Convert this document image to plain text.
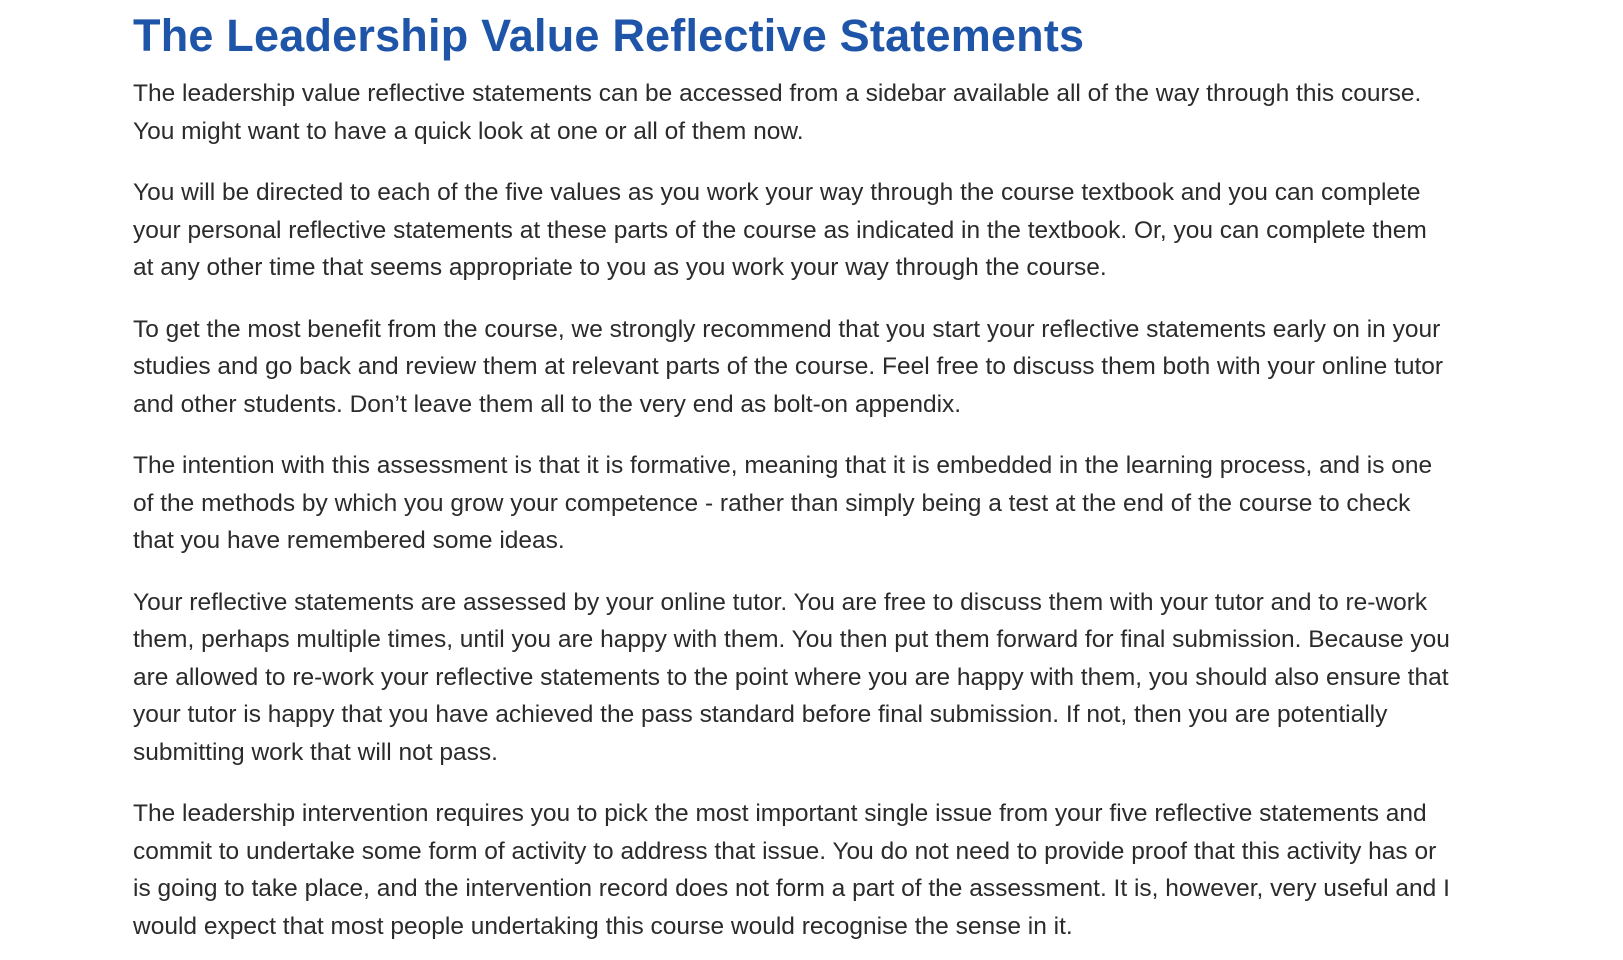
The Leadership Value Reflective Statements

The leadership value reflective statements can be accessed from a sidebar available all of the way through this course. You might want to have a quick look at one or all of them now.

You will be directed to each of the five values as you work your way through the course textbook and you can complete your personal reflective statements at these parts of the course as indicated in the textbook. Or, you can complete them at any other time that seems appropriate to you as you work your way through the course.

To get the most benefit from the course, we strongly recommend that you start your reflective statements early on in your studies and go back and review them at relevant parts of the course. Feel free to discuss them both with your online tutor and other students. Don’t leave them all to the very end as bolt-on appendix.

The intention with this assessment is that it is formative, meaning that it is embedded in the learning process, and is one of the methods by which you grow your competence - rather than simply being a test at the end of the course to check that you have remembered some ideas.

Your reflective statements are assessed by your online tutor. You are free to discuss them with your tutor and to re-work them, perhaps multiple times, until you are happy with them. You then put them forward for final submission. Because you are allowed to re-work your reflective statements to the point where you are happy with them, you should also ensure that your tutor is happy that you have achieved the pass standard before final submission. If not, then you are potentially submitting work that will not pass.

The leadership intervention requires you to pick the most important single issue from your five reflective statements and commit to undertake some form of activity to address that issue. You do not need to provide proof that this activity has or is going to take place, and the intervention record does not form a part of the assessment. It is, however, very useful and I would expect that most people undertaking this course would recognise the sense in it.
